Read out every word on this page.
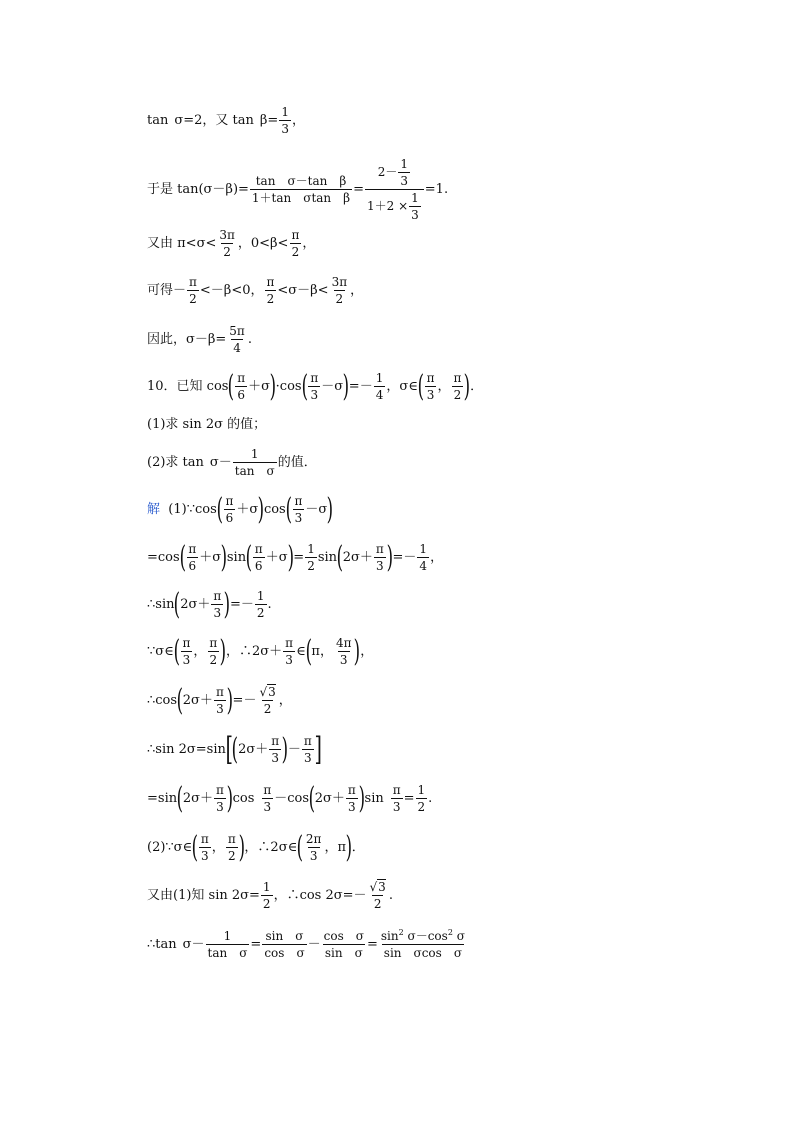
tan σ=2，又 $\tan \beta= \frac{1}{3}$ ，
于是 $\tan(\sigma-\beta)= \frac{\text{tan σ－tan β}}{\text{1＋tan σtan β}} = \frac{2- \frac{1}{3}}{1+2 \times \frac{1}{3}} =1$.
又由 $\pi<\sigma< \frac{3\pi}{2}$ ，$0<\beta< \frac{\pi}{2}$ ，
可得－ $\frac{\pi}{2} <-\beta<0$， $\frac{\pi}{2} <\sigma-\beta< \frac{3\pi}{2}$ ，
因此，$\sigma-\beta= \frac{5\pi}{4}$ .
10．已知 cos ( $\frac{\pi}{6} +\sigma$ ) ·cos ( $\frac{\pi}{3} -\sigma$ ) =－ $\frac{1}{4}$ ，σ∈ ( $\frac{\pi}{3}$ ， $\frac{\pi}{2}$ ) ．
(1)求 sin 2σ 的值；
(2)求 $\tan \sigma- \frac{1}{\text{tan σ}}$ 的值．
解 (1)∵cos ( $\frac{\pi}{6} +\sigma$ ) cos ( $\frac{\pi}{3} -\sigma$ )
=cos ( $\frac{\pi}{6} +\sigma$ ) sin ( $\frac{\pi}{6} +\sigma$ ) = $\frac{1}{2}$ sin ( $2\sigma+ \frac{\pi}{3}$ ) =－ $\frac{1}{4}$ ，
∴sin ( $2\sigma+ \frac{\pi}{3}$ ) =－ $\frac{1}{2}$ .
∵σ∈ ( $\frac{\pi}{3}$ ， $\frac{\pi}{2}$ ) ，∴2σ＋ $\frac{\pi}{3}$ ∈ ( π， $\frac{4\pi}{3}$ ) ，
∴cos ( $2\sigma+ \frac{\pi}{3}$ ) =－ $\frac{√3}{2}$ ，
∴sin 2σ=sin [ ( $2\sigma+ \frac{\pi}{3}$ ) － $\frac{\pi}{3}$ ]
=sin ( $2\sigma+ \frac{\pi}{3}$ ) $\cos \frac{\pi}{3} -\cos$ ( $2\sigma+ \frac{\pi}{3}$ ) $\sin \frac{\pi}{3} = \frac{1}{2}$ .
(2)∵σ∈ ( $\frac{\pi}{3}$ ， $\frac{\pi}{2}$ ) ，∴2σ∈ ( $\frac{2\pi}{3}$ ，π ) ．
又由(1)知 $\sin 2\sigma= \frac{1}{2}$ ，∴cos $2\sigma=- \frac{√3}{2}$ .
∴tan $\sigma- \frac{1}{\text{tan σ}} = \frac{\text{sin σ}}{\text{cos σ}} - \frac{\text{cos σ}}{\text{sin σ}} = \frac{\sin^2 \sigma-\cos^2 \sigma}{\text{sin σcos σ}}$
